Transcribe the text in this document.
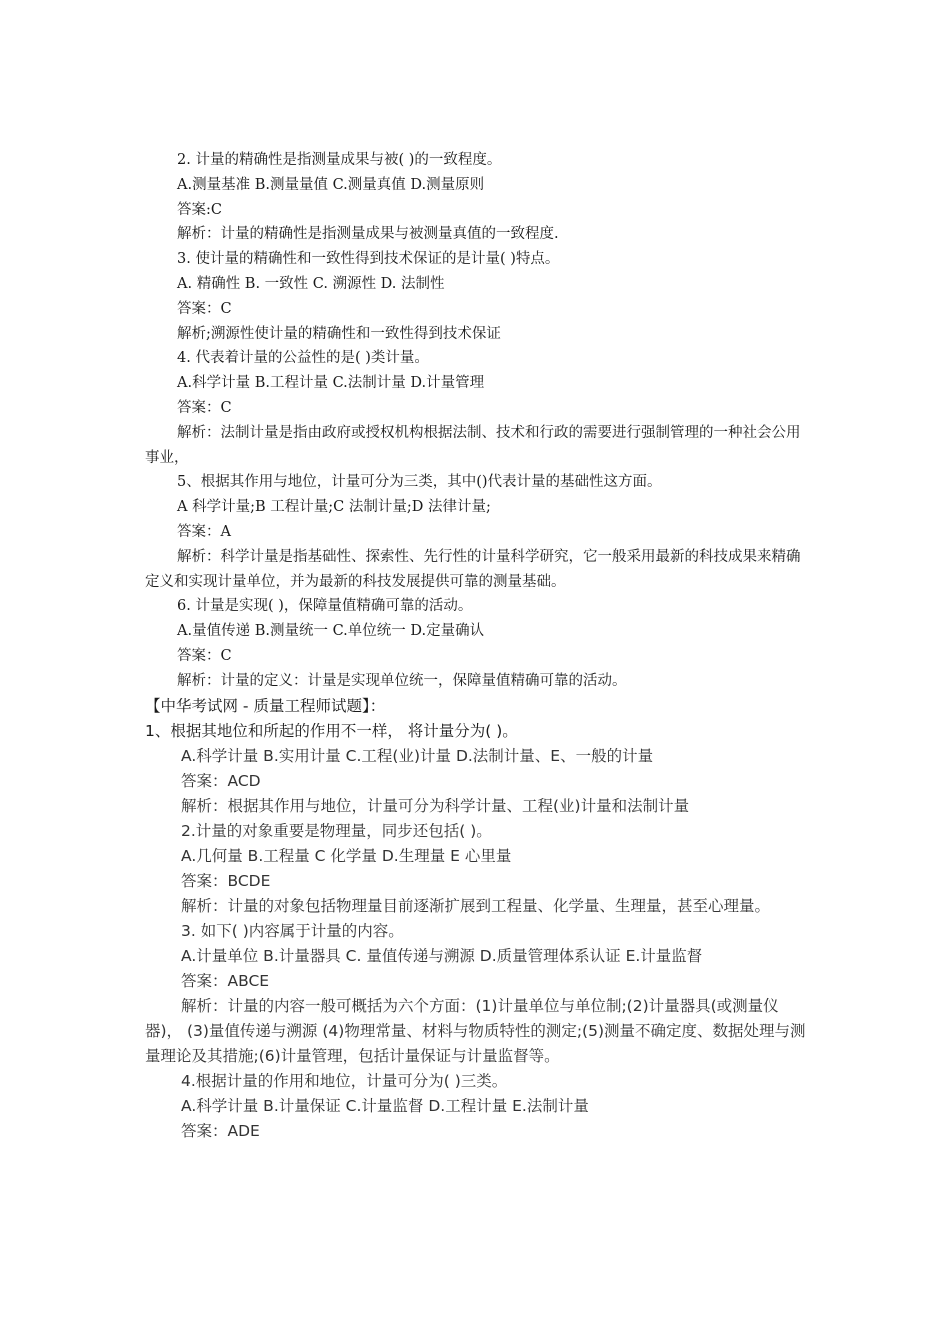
2. 计量的精确性是指测量成果与被( )的一致程度。

A.测量基准 B.测量量值 C.测量真值 D.测量原则

答案:C

解析：计量的精确性是指测量成果与被测量真值的一致程度.

3. 使计量的精确性和一致性得到技术保证的是计量( )特点。

A. 精确性 B. 一致性 C. 溯源性 D. 法制性

答案：C

解析;溯源性使计量的精确性和一致性得到技术保证

4. 代表着计量的公益性的是( )类计量。

A.科学计量 B.工程计量 C.法制计量 D.计量管理

答案：C

解析：法制计量是指由政府或授权机构根据法制、技术和行政的需要进行强制管理的一种社会公用事业，

5、根据其作用与地位，计量可分为三类，其中()代表计量的基础性这方面。

A 科学计量;B 工程计量;C 法制计量;D 法律计量;

答案：A

解析：科学计量是指基础性、探索性、先行性的计量科学研究，它一般采用最新的科技成果来精确定义和实现计量单位，并为最新的科技发展提供可靠的测量基础。

6. 计量是实现( )，保障量值精确可靠的活动。

A.量值传递 B.测量统一 C.单位统一 D.定量确认

答案：C

解析：计量的定义：计量是实现单位统一，保障量值精确可靠的活动。

【中华考试网 - 质量工程师试题】：

1、根据其地位和所起的作用不一样， 将计量分为( )。

A.科学计量 B.实用计量 C.工程(业)计量 D.法制计量、E、一般的计量

答案：ACD

解析：根据其作用与地位，计量可分为科学计量、工程(业)计量和法制计量

2.计量的对象重要是物理量，同步还包括( )。

A.几何量 B.工程量 C 化学量 D.生理量 E 心里量

答案：BCDE

解析：计量的对象包括物理量目前逐渐扩展到工程量、化学量、生理量，甚至心理量。

3. 如下( )内容属于计量的内容。

A.计量单位 B.计量器具 C. 量值传递与溯源 D.质量管理体系认证 E.计量监督

答案：ABCE

解析：计量的内容一般可概括为六个方面：(1)计量单位与单位制;(2)计量器具(或测量仪器)， (3)量值传递与溯源 (4)物理常量、材料与物质特性的测定;(5)测量不确定度、数据处理与测量理论及其措施;(6)计量管理，包括计量保证与计量监督等。

4.根据计量的作用和地位，计量可分为( )三类。

A.科学计量 B.计量保证 C.计量监督 D.工程计量 E.法制计量

答案：ADE
